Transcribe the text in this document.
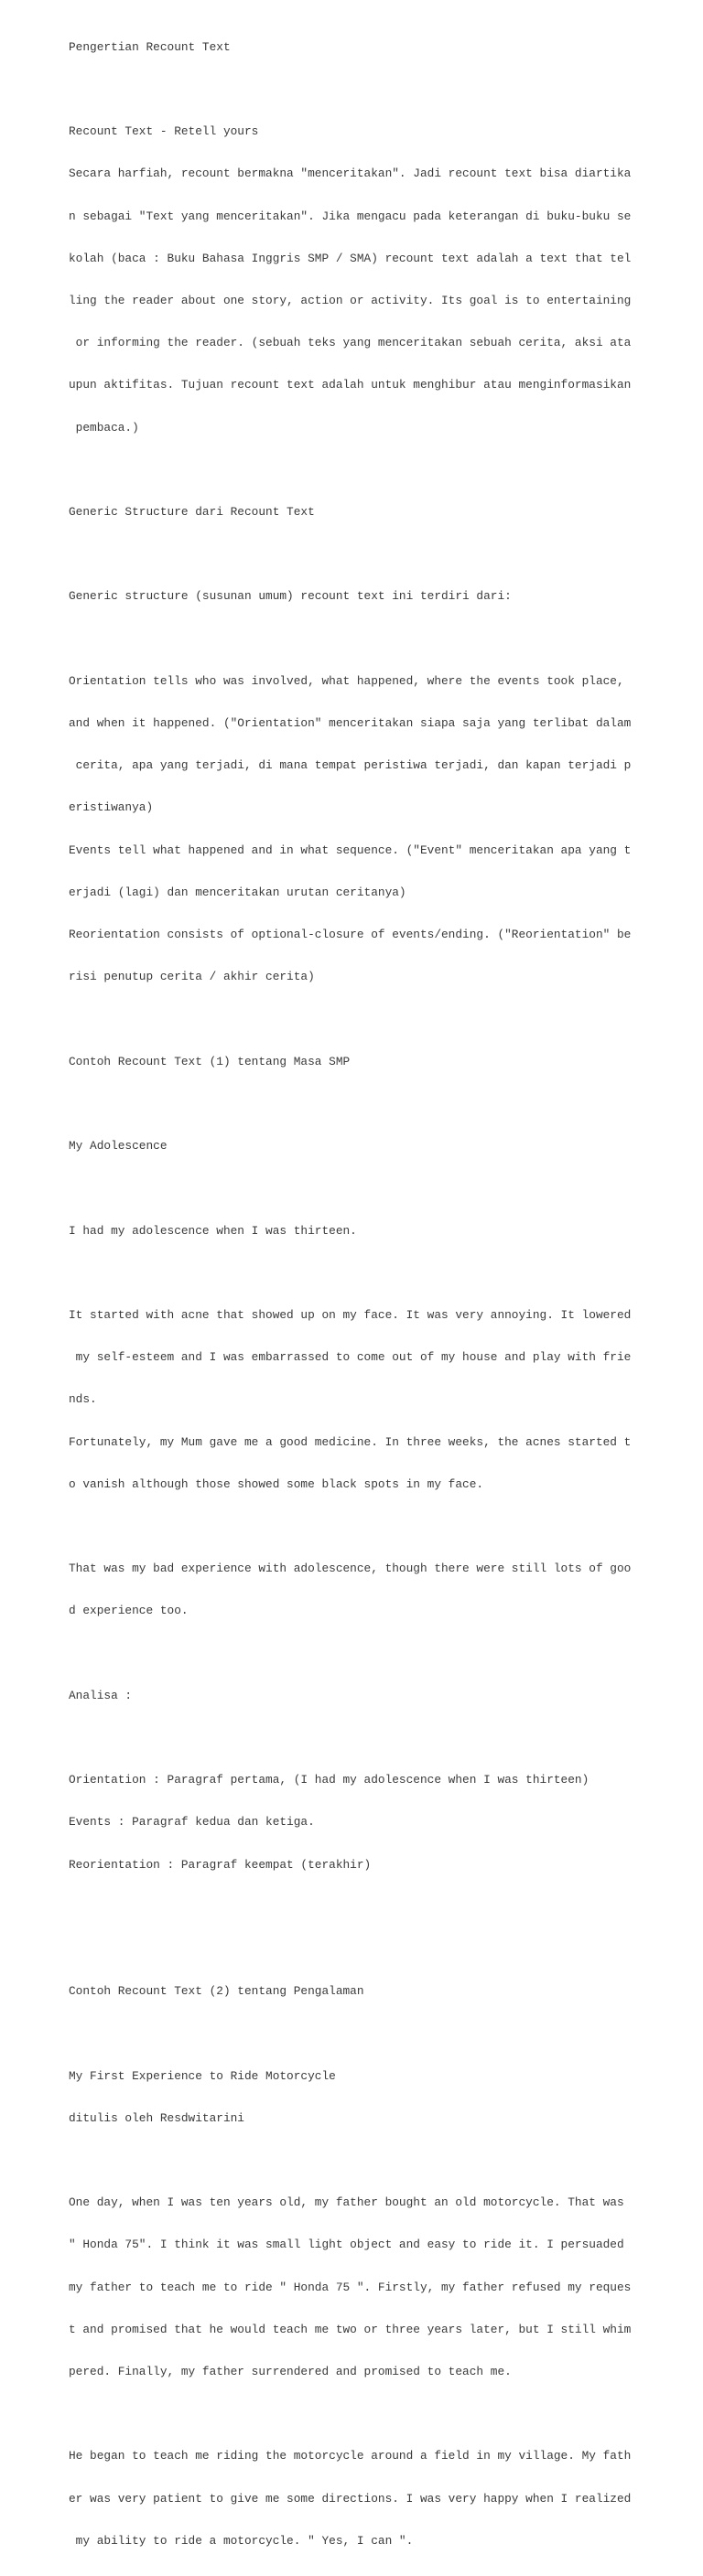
Pengertian Recount Text

Recount Text - Retell yours

Secara harfiah, recount bermakna "menceritakan". Jadi recount text bisa diartika

n sebagai "Text yang menceritakan". Jika mengacu pada keterangan di buku-buku se

kolah (baca : Buku Bahasa Inggris SMP / SMA) recount text adalah a text that tel

ling the reader about one story, action or activity. Its goal is to entertaining

or informing the reader. (sebuah teks yang menceritakan sebuah cerita, aksi ata

upun aktifitas. Tujuan recount text adalah untuk menghibur atau menginformasikan

pembaca.)

Generic Structure dari Recount Text

Generic structure (susunan umum) recount text ini terdiri dari:

Orientation tells who was involved, what happened, where the events took place,

and when it happened. ("Orientation" menceritakan siapa saja yang terlibat dalam

cerita, apa yang terjadi, di mana tempat peristiwa terjadi, dan kapan terjadi p

eristiwanya)

Events tell what happened and in what sequence. ("Event" menceritakan apa yang t

erjadi (lagi) dan menceritakan urutan ceritanya)

Reorientation consists of optional-closure of events/ending. ("Reorientation" be

risi penutup cerita / akhir cerita)

Contoh Recount Text (1) tentang Masa SMP

My Adolescence

I had my adolescence when I was thirteen.

It started with acne that showed up on my face. It was very annoying. It lowered

my self-esteem and I was embarrassed to come out of my house and play with frie

nds.

Fortunately, my Mum gave me a good medicine. In three weeks, the acnes started t

o vanish although those showed some black spots in my face.

That was my bad experience with adolescence, though there were still lots of goo

d experience too.

Analisa :

Orientation : Paragraf pertama, (I had my adolescence when I was thirteen)

Events : Paragraf kedua dan ketiga.

Reorientation : Paragraf keempat (terakhir)

Contoh Recount Text (2) tentang Pengalaman

My First Experience to Ride Motorcycle

ditulis oleh Resdwitarini

One day, when I was ten years old, my father bought an old motorcycle. That was

" Honda 75". I think it was small light object and easy to ride it. I persuaded

my father to teach me to ride " Honda 75 ". Firstly, my father refused my reques

t and promised that he would teach me two or three years later, but I still whim

pered. Finally, my father surrendered and promised to teach me.

He began to teach me riding the motorcycle around a field in my village. My fath

er was very patient to give me some directions. I was very happy when I realized

my ability to ride a motorcycle. " Yes, I can ".
